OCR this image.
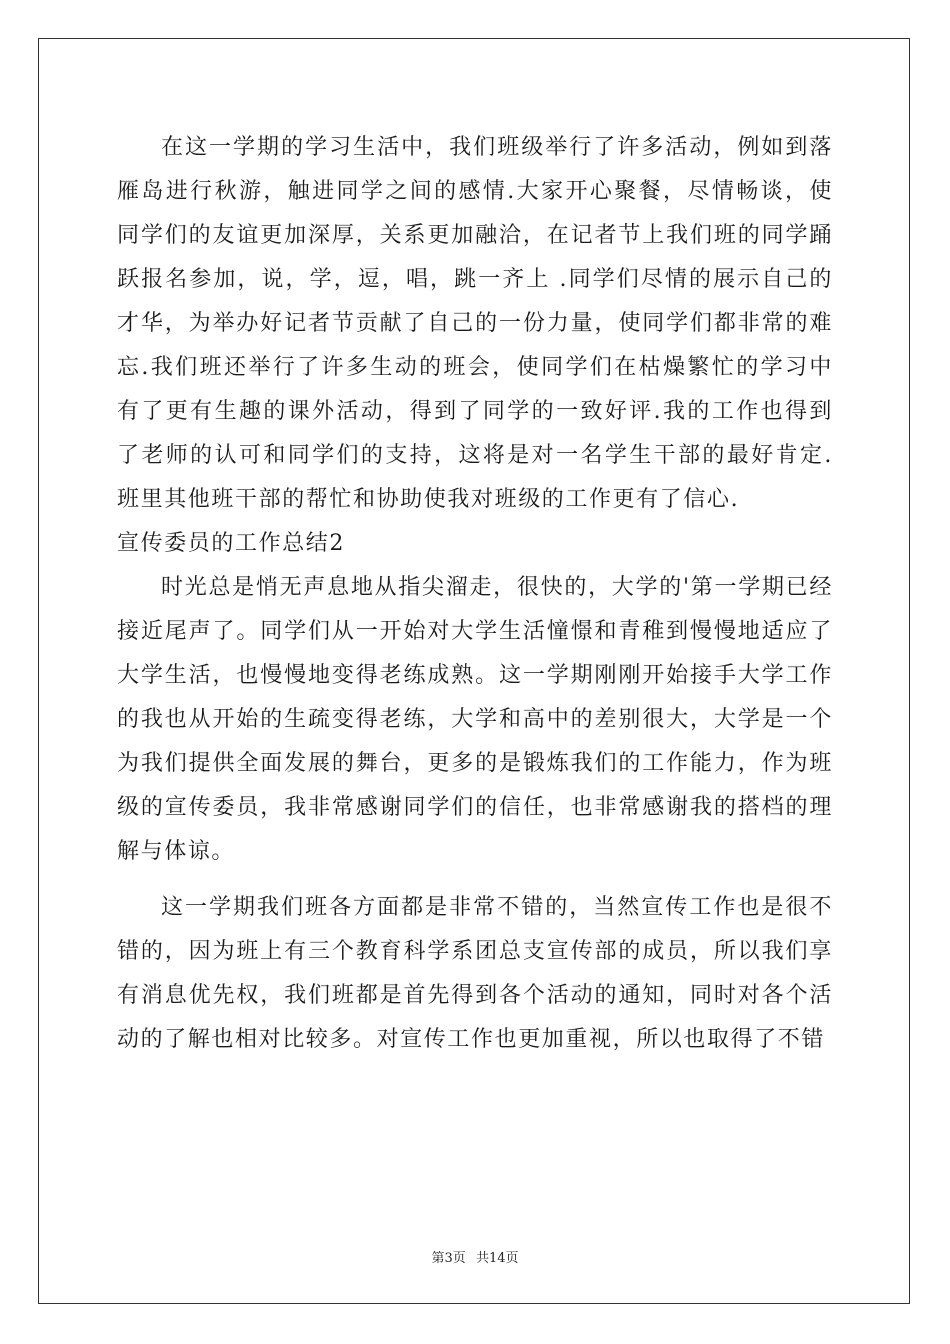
在这一学期的学习生活中，我们班级举行了许多活动，例如到落雁岛进行秋游，触进同学之间的感情.大家开心聚餐，尽情畅谈，使同学们的友谊更加深厚，关系更加融洽，在记者节上我们班的同学踊跃报名参加，说，学，逗，唱，跳一齐上 .同学们尽情的展示自己的才华，为举办好记者节贡献了自己的一份力量，使同学们都非常的难忘.我们班还举行了许多生动的班会，使同学们在枯燥繁忙的学习中有了更有生趣的课外活动，得到了同学的一致好评.我的工作也得到了老师的认可和同学们的支持，这将是对一名学生干部的最好肯定.班里其他班干部的帮忙和协助使我对班级的工作更有了信心.

宣传委员的工作总结2

时光总是悄无声息地从指尖溜走，很快的，大学的'第一学期已经接近尾声了。同学们从一开始对大学生活憧憬和青稚到慢慢地适应了大学生活，也慢慢地变得老练成熟。这一学期刚刚开始接手大学工作的我也从开始的生疏变得老练，大学和高中的差别很大，大学是一个为我们提供全面发展的舞台，更多的是锻炼我们的工作能力，作为班级的宣传委员，我非常感谢同学们的信任，也非常感谢我的搭档的理解与体谅。

这一学期我们班各方面都是非常不错的，当然宣传工作也是很不错的，因为班上有三个教育科学系团总支宣传部的成员，所以我们享有消息优先权，我们班都是首先得到各个活动的通知，同时对各个活动的了解也相对比较多。对宣传工作也更加重视，所以也取得了不错

第3页 共14页
